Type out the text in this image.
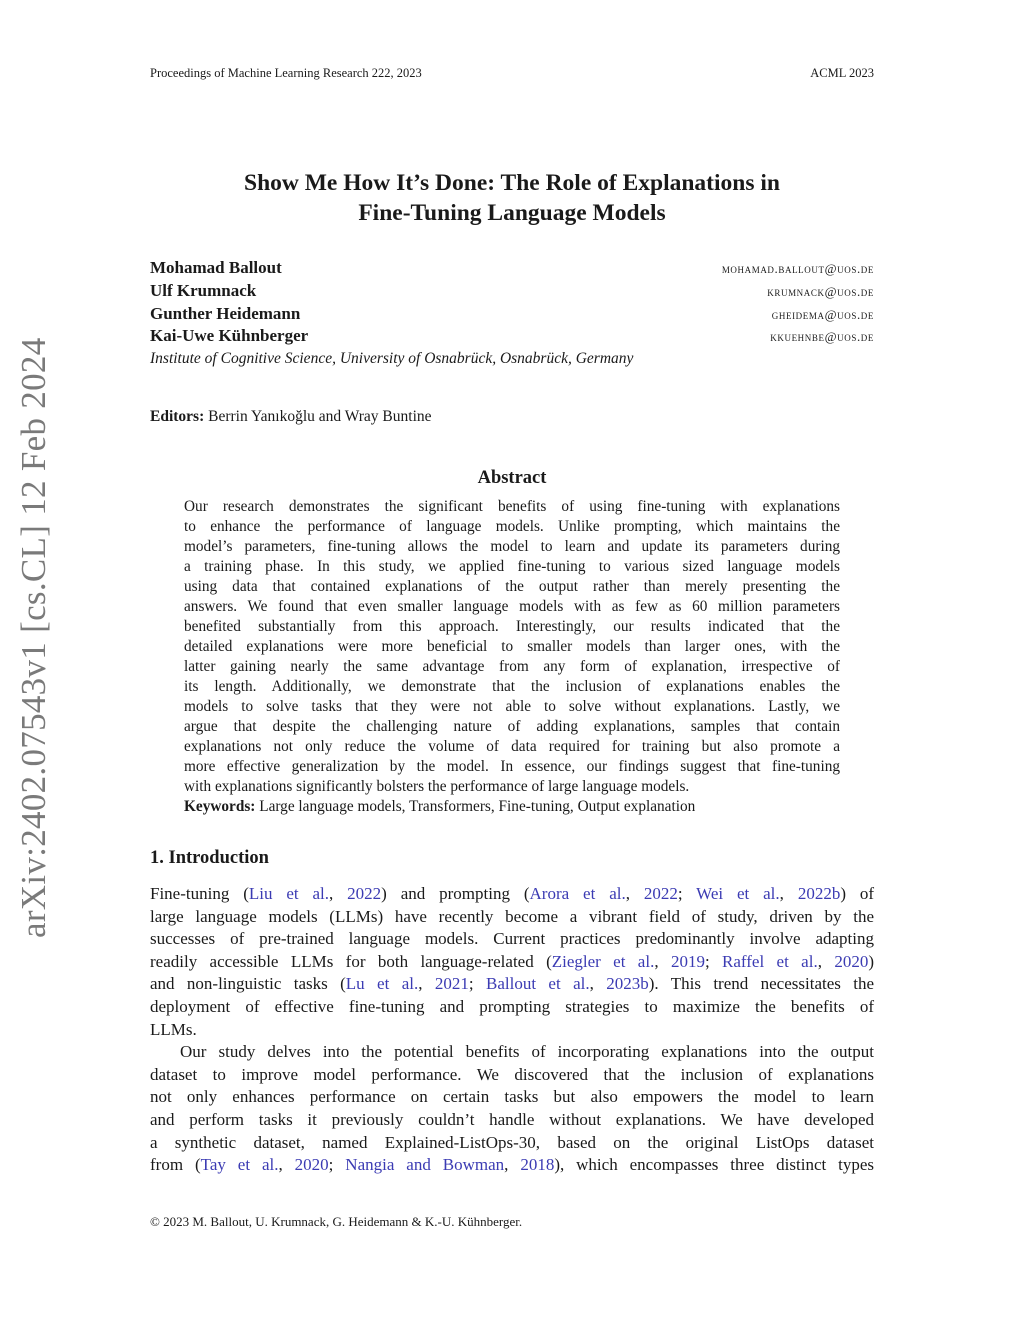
Proceedings of Machine Learning Research 222, 2023	ACML 2023
arXiv:2402.07543v1 [cs.CL] 12 Feb 2024
Show Me How It’s Done: The Role of Explanations in
Fine-Tuning Language Models
Mohamad Ballout	mohamad.ballout@uos.de
Ulf Krumnack	krumnack@uos.de
Gunther Heidemann	gheidema@uos.de
Kai-Uwe Kühnberger	kkuehnbe@uos.de
Institute of Cognitive Science, University of Osnabrück, Osnabrück, Germany
Editors: Berrin Yanıkoğlu and Wray Buntine
Abstract
Our research demonstrates the significant benefits of using fine-tuning with explanations
to enhance the performance of language models. Unlike prompting, which maintains the
model’s parameters, fine-tuning allows the model to learn and update its parameters during
a training phase. In this study, we applied fine-tuning to various sized language models
using data that contained explanations of the output rather than merely presenting the
answers. We found that even smaller language models with as few as 60 million parameters
benefited substantially from this approach. Interestingly, our results indicated that the
detailed explanations were more beneficial to smaller models than larger ones, with the
latter gaining nearly the same advantage from any form of explanation, irrespective of
its length. Additionally, we demonstrate that the inclusion of explanations enables the
models to solve tasks that they were not able to solve without explanations. Lastly, we
argue that despite the challenging nature of adding explanations, samples that contain
explanations not only reduce the volume of data required for training but also promote a
more effective generalization by the model. In essence, our findings suggest that fine-tuning
with explanations significantly bolsters the performance of large language models.
Keywords: Large language models, Transformers, Fine-tuning, Output explanation
1. Introduction
Fine-tuning (Liu et al., 2022) and prompting (Arora et al., 2022; Wei et al., 2022b) of
large language models (LLMs) have recently become a vibrant field of study, driven by the
successes of pre-trained language models. Current practices predominantly involve adapting
readily accessible LLMs for both language-related (Ziegler et al., 2019; Raffel et al., 2020)
and non-linguistic tasks (Lu et al., 2021; Ballout et al., 2023b). This trend necessitates the
deployment of effective fine-tuning and prompting strategies to maximize the benefits of
LLMs.
Our study delves into the potential benefits of incorporating explanations into the output
dataset to improve model performance. We discovered that the inclusion of explanations
not only enhances performance on certain tasks but also empowers the model to learn
and perform tasks it previously couldn’t handle without explanations. We have developed
a synthetic dataset, named Explained-ListOps-30, based on the original ListOps dataset
from (Tay et al., 2020; Nangia and Bowman, 2018), which encompasses three distinct types
© 2023 M. Ballout, U. Krumnack, G. Heidemann & K.-U. Kühnberger.
